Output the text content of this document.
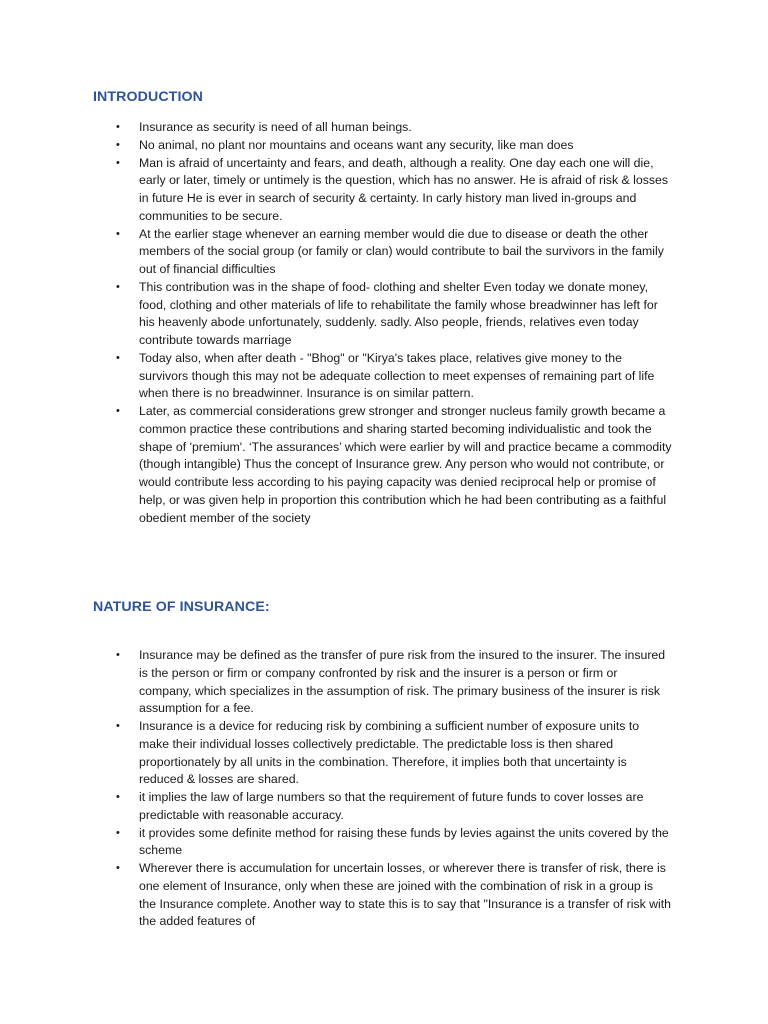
INTRODUCTION
• Insurance as security is need of all human beings.
• No animal, no plant nor mountains and oceans want any security, like man does
• Man is afraid of uncertainty and fears, and death, although a reality. One day each one will die, early or later, timely or untimely is the question, which has no answer. He is afraid of risk & losses in future He is ever in search of security & certainty. In carly history man lived in-groups and communities to be secure.
• At the earlier stage whenever an earning member would die due to disease or death the other members of the social group (or family or clan) would contribute to bail the survivors in the family out of financial difficulties
• This contribution was in the shape of food- clothing and shelter Even today we donate money, food, clothing and other materials of life to rehabilitate the family whose breadwinner has left for his heavenly abode unfortunately, suddenly. sadly. Also people, friends, relatives even today contribute towards marriage
• Today also, when after death - "Bhog" or "Kirya's takes place, relatives give money to the survivors though this may not be adequate collection to meet expenses of remaining part of life when there is no breadwinner. Insurance is on similar pattern.
• Later, as commercial considerations grew stronger and stronger nucleus family growth became a common practice these contributions and sharing started becoming individualistic and took the shape of 'premium'. ‘The assurances’ which were earlier by will and practice became a commodity (though intangible) Thus the concept of Insurance grew. Any person who would not contribute, or would contribute less according to his paying capacity was denied reciprocal help or promise of help, or was given help in proportion this contribution which he had been contributing as a faithful obedient member of the society
NATURE OF INSURANCE:
• Insurance may be defined as the transfer of pure risk from the insured to the insurer. The insured is the person or firm or company confronted by risk and the insurer is a person or firm or company, which specializes in the assumption of risk. The primary business of the insurer is risk assumption for a fee.
• Insurance is a device for reducing risk by combining a sufficient number of exposure units to make their individual losses collectively predictable. The predictable loss is then shared proportionately by all units in the combination. Therefore, it implies both that uncertainty is reduced & losses are shared.
• it implies the law of large numbers so that the requirement of future funds to cover losses are predictable with reasonable accuracy.
• it provides some definite method for raising these funds by levies against the units covered by the scheme
• Wherever there is accumulation for uncertain losses, or wherever there is transfer of risk, there is one element of Insurance, only when these are joined with the combination of risk in a group is the Insurance complete. Another way to state this is to say that "Insurance is a transfer of risk with the added features of
